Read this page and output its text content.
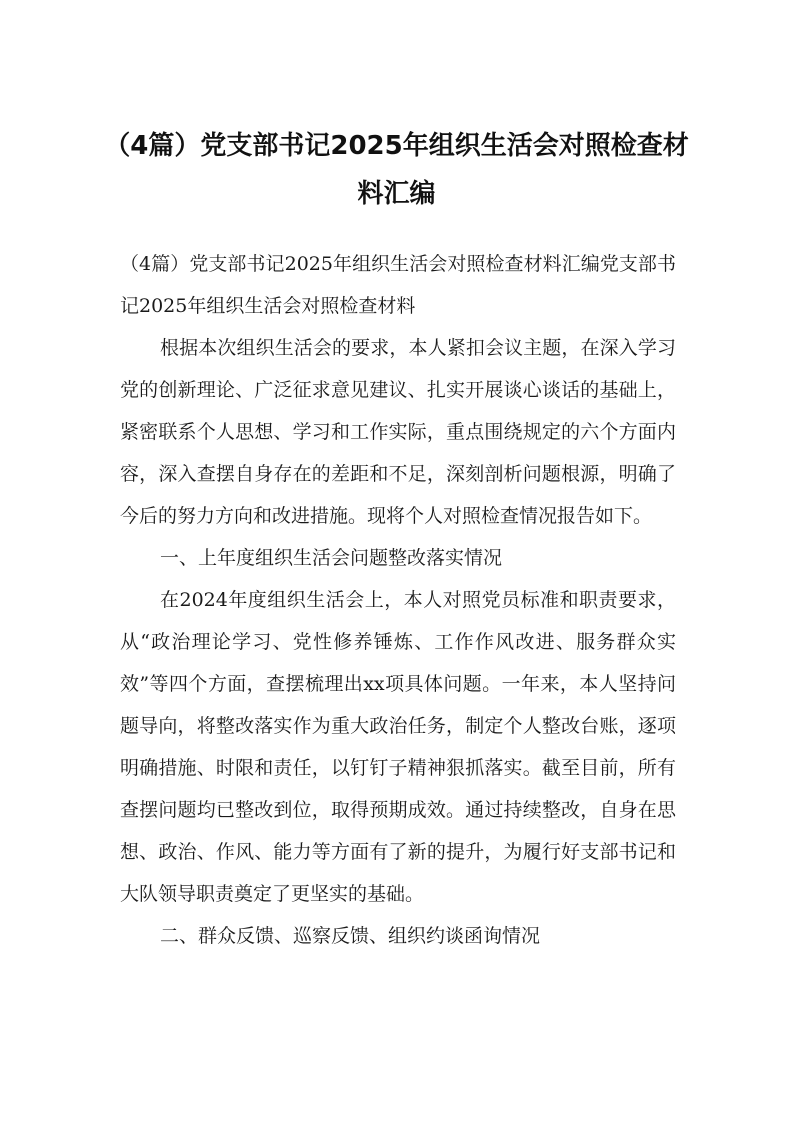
（4篇）党支部书记2025年组织生活会对照检查材料汇编

（4篇）党支部书记2025年组织生活会对照检查材料汇编党支部书记2025年组织生活会对照检查材料

根据本次组织生活会的要求，本人紧扣会议主题，在深入学习党的创新理论、广泛征求意见建议、扎实开展谈心谈话的基础上，紧密联系个人思想、学习和工作实际，重点围绕规定的六个方面内容，深入查摆自身存在的差距和不足，深刻剖析问题根源，明确了今后的努力方向和改进措施。现将个人对照检查情况报告如下。

一、上年度组织生活会问题整改落实情况

在2024年度组织生活会上，本人对照党员标准和职责要求，从“政治理论学习、党性修养锤炼、工作作风改进、服务群众实效”等四个方面，查摆梳理出xx项具体问题。一年来，本人坚持问题导向，将整改落实作为重大政治任务，制定个人整改台账，逐项明确措施、时限和责任，以钉钉子精神狠抓落实。截至目前，所有查摆问题均已整改到位，取得预期成效。通过持续整改，自身在思想、政治、作风、能力等方面有了新的提升，为履行好支部书记和大队领导职责奠定了更坚实的基础。

二、群众反馈、巡察反馈、组织约谈函询情况
